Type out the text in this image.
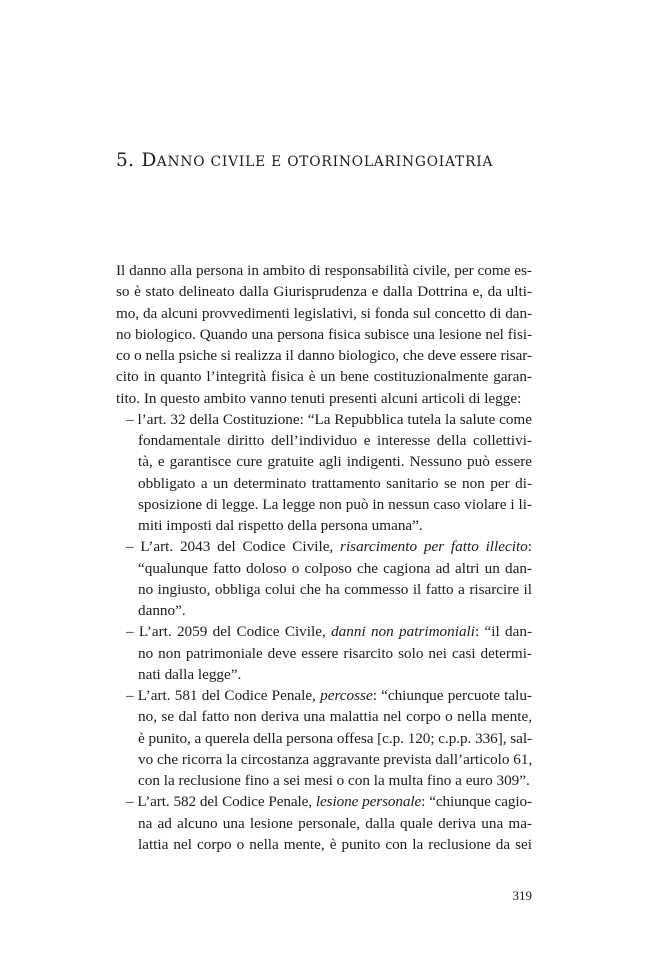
5. DANNO CIVILE E OTORINOLARINGOIATRIA
Il danno alla persona in ambito di responsabilità civile, per come es-
so è stato delineato dalla Giurisprudenza e dalla Dottrina e, da ulti-
mo, da alcuni provvedimenti legislativi, si fonda sul concetto di dan-
no biologico. Quando una persona fisica subisce una lesione nel fisi-
co o nella psiche si realizza il danno biologico, che deve essere risar-
cito in quanto l’integrità fisica è un bene costituzionalmente garan-
tito. In questo ambito vanno tenuti presenti alcuni articoli di legge:
– l’art. 32 della Costituzione: “La Repubblica tutela la salute come
fondamentale diritto dell’individuo e interesse della collettivi-
tà, e garantisce cure gratuite agli indigenti. Nessuno può essere
obbligato a un determinato trattamento sanitario se non per di-
sposizione di legge. La legge non può in nessun caso violare i li-
miti imposti dal rispetto della persona umana”.
– L’art. 2043 del Codice Civile, risarcimento per fatto illecito:
“qualunque fatto doloso o colposo che cagiona ad altri un dan-
no ingiusto, obbliga colui che ha commesso il fatto a risarcire il
danno”.
– L’art. 2059 del Codice Civile, danni non patrimoniali: “il dan-
no non patrimoniale deve essere risarcito solo nei casi determi-
nati dalla legge”.
– L’art. 581 del Codice Penale, percosse: “chiunque percuote talu-
no, se dal fatto non deriva una malattia nel corpo o nella mente,
è punito, a querela della persona offesa [c.p. 120; c.p.p. 336], sal-
vo che ricorra la circostanza aggravante prevista dall’articolo 61,
con la reclusione fino a sei mesi o con la multa fino a euro 309”.
– L’art. 582 del Codice Penale, lesione personale: “chiunque cagio-
na ad alcuno una lesione personale, dalla quale deriva una ma-
lattia nel corpo o nella mente, è punito con la reclusione da sei
319
